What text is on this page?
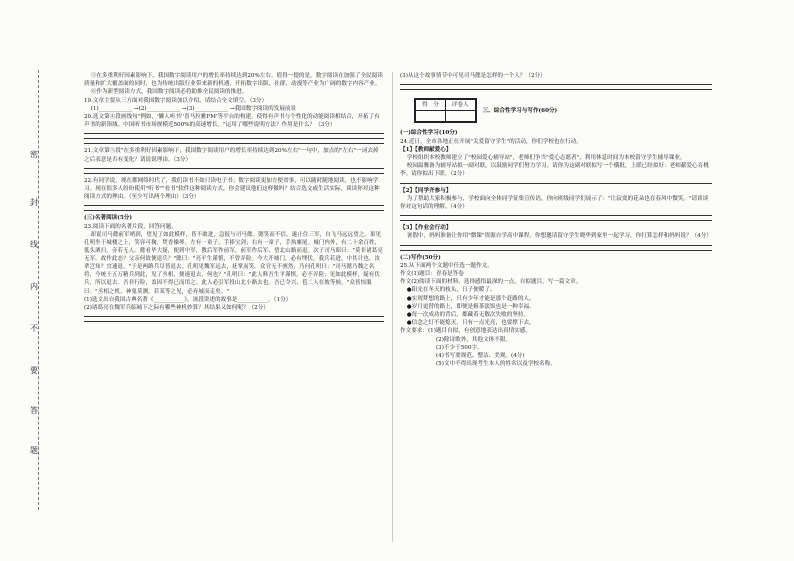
密
封
线
内
不
要
答
题

⑤在多重利好因素影响下，我国数字阅读用户的增长率持续达到20%左右。值得一提的是，数字阅读在加强了全民阅读质量和扩大覆盖面的同时，也为传统出版行业带来新的机遇，开拓数字出版、社群、动漫等产业为广阔的数字内容产业。

⑥作为新型阅读方式，我国数字阅读必将助推全民阅读的推进。

19.文章主要从三方面对我国数字阅读加以介绍，请结合全文填空。（3分）

(1)____________ →(2)____________ →(3)____________ →我国数字阅读的发展前景

20.选文第④段画线句"例如，'懒人听书''喜马拉雅FM'等平台的构建，使得有声书与个性化的动能阅读相结合，开拓了有声书的新领域。中国听书市场规模近500%的高速增长。"运用了哪些说明方法？作用是什么？（3分）

21.文章第⑤段"在多重利好因素影响下，我国数字阅读用户的增长率持续达到20%左右"一句中，加点的"左右"一词去掉之后表意是否有变化？请说说理由。（3分）

22.有同学说，现在都网络时代了，我们读书不如只读电子书；数字阅读更加方便省事，可以随时随地阅读，也不影响学习。现在很多人纷纷使用"听书""看书"软件这种阅读方式，你会建议他们这样做吗？结合选文或生活实际，谈谈你对这种阅读方式的理由。（至少写出两个理由）（3分）

(三)名著阅读(5分)

23.阅读下面的名著片段，回答问题。

却说司马懿前军哨到，望见了如此模样，皆不敢进，急报与司马懿。懿笑而不信，遂止住三军，自飞马远远望之。果见孔明坐于城楼之上，笑容可掬，焚香操琴。左有一童子，手捧宝剑；右有一童子，手执麈尾。城门内外，有二十余百姓，低头洒扫，旁若无人。懿看毕大疑，便到中军，教后军作前军，前军作后军，望北山路而退。次子司马昭曰："莫非诸葛亮无军，故作此态？父亲何故便退兵？"懿曰："亮平生谨慎，不曾弄险。今大开城门，必有埋伏。我兵若进，中其计也。汝辈岂知？宜速退。"于是两路兵尽皆退去。孔明见魏军远去，抚掌而笑。众官无不骇然，乃问孔明曰："司马懿乃魏之名将，今统十五万精兵到此，见了丞相，便速退去，何也？"孔明曰："此人料吾生平谨慎，必不弄险；见如此模样，疑有伏兵，所以退去。吾非行险，盖因不得已而用之。此人必引军投山北小路去也。吾已令兴、苞二人在彼等候。"众皆惊服曰："丞相之机，神鬼莫测。若某等之见，必弃城而走矣。"

(1)选文出自我国古典名著《___________》，该段讲述的故事是___________。（1分）

(2)诸葛亮在魏军兵临城下之际有哪些神机妙算？其结果又如何呢？（2分）

(3)从这个故事情节中可见司马懿是怎样的一个人？（2分）

得　分	评卷人

三、综合性学习与写作(60分)

(一)综合性学习(10分)

24.近日，全市各地正在开展"关爱留守学生"的活动，你们学校也在行动。

【1】【教师献爱心】

学校组织本校教师建立了"校园爱心辅导站"，老师们争当"爱心志愿者"，利用休息时间为本校留守学生辅导课业。

校园温馨备为辅导站拟一副对联，以鼓励同学们努力学习。请你为这副对联拟写一个横批，上联已经拟好：老师献爱心育桃李。请你拟出下联。（2分）

【2】【同学齐参与】

为了帮助大家积极参与，学校面向全体同学征集宣传语，你向班级同学们展示了："让寂寞的花朵也在春风中微笑。"请谈谈你对这句话的理解。（4分）

【3】【作业会行动】

暑假中，妈妈准备让你用"微课"资源自学高中课程。你想邀请留守学生晓华到家里一起学习，你打算怎样和妈妈说？（4分）

(二)写作(50分)

25.从下面两个文题中任选一题作文。

作文(1)题目：青春是答卷

作文(2)阅读下面的材料，选择感悟最深的一点，自拟题目，写一篇文章。

●阳光在冬天的枝头，日子便暖了。

●实现梦想的路上，只有少年才能是那个赶路的人。

●岁月更替的路上，即便是粗茶淡饭也是一种幸福。

●每一次成功的背后，都藏着无数次失败的坚持。

●信念之灯不能熄灭，只有一点光亮，也要撑下去。

作文要求：(1)题目自拟，有创意地表达出真情实感。

(2)除诗歌外，其他文体不限。

(3)不少于500字。

(4)书写要规范、整洁、美观。(4分)

(5)文中不得出现考生本人的姓名以及学校名称。
